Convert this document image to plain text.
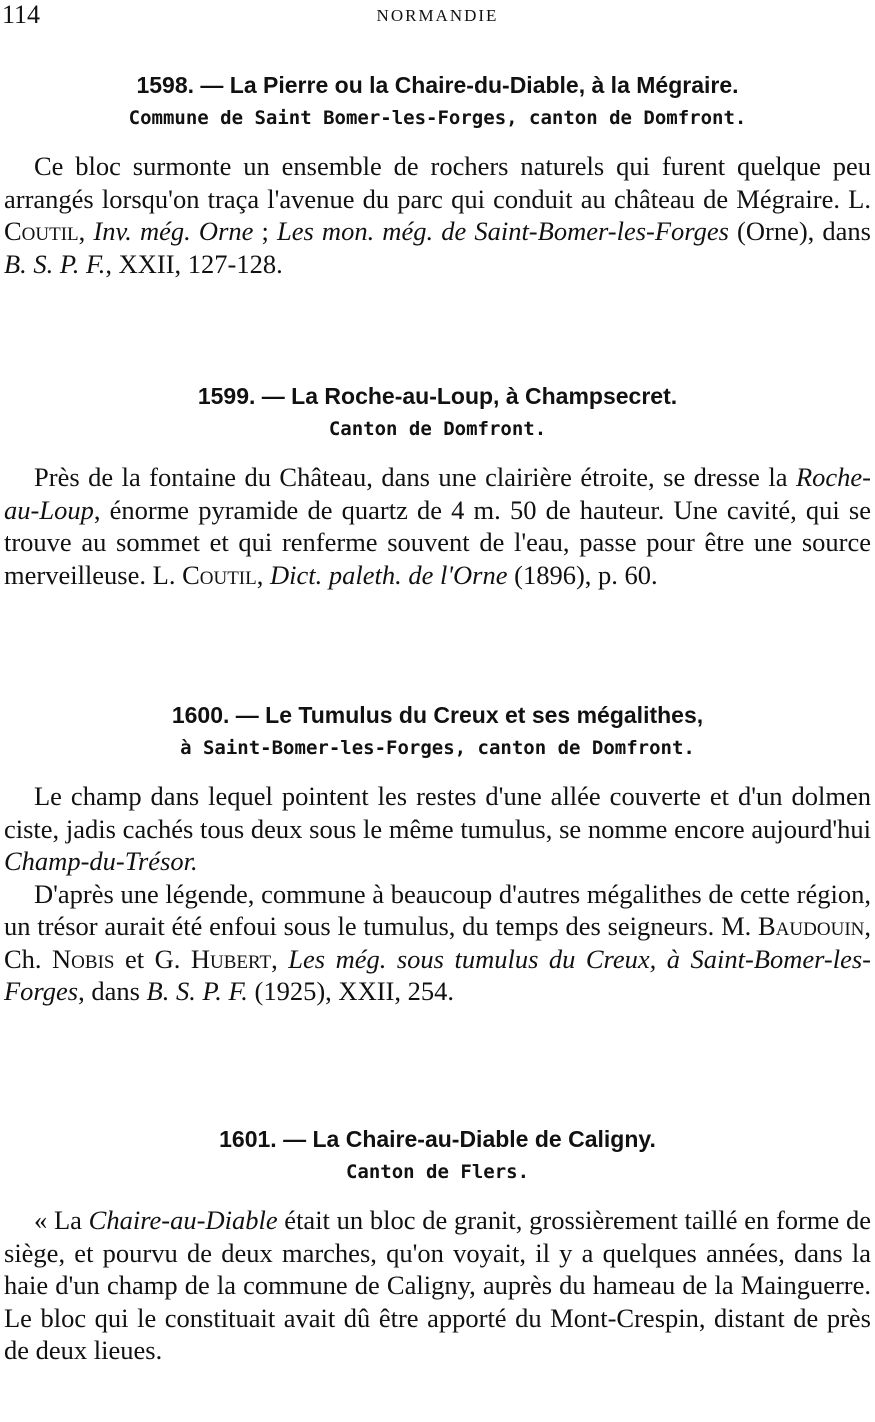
114	NORMANDIE
1598. — La Pierre ou la Chaire-du-Diable, à la Mégraire.
Commune de Saint Bomer-les-Forges, canton de Domfront.

Ce bloc surmonte un ensemble de rochers naturels qui furent quelque peu arrangés lorsqu'on traça l'avenue du parc qui conduit au château de Mégraire. L. Coutil, Inv. még. Orne ; Les mon. még. de Saint-Bomer-les-Forges (Orne), dans B. S. P. F., XXII, 127-128.

1599. — La Roche-au-Loup, à Champsecret.
Canton de Domfront.

Près de la fontaine du Château, dans une clairière étroite, se dresse la Roche-au-Loup, énorme pyramide de quartz de 4 m. 50 de hauteur. Une cavité, qui se trouve au sommet et qui renferme souvent de l'eau, passe pour être une source merveilleuse. L. Coutil, Dict. paleth. de l'Orne (1896), p. 60.

1600. — Le Tumulus du Creux et ses mégalithes,
à Saint-Bomer-les-Forges, canton de Domfront.

Le champ dans lequel pointent les restes d'une allée couverte et d'un dolmen ciste, jadis cachés tous deux sous le même tumulus, se nomme encore aujourd'hui Champ-du-Trésor.

D'après une légende, commune à beaucoup d'autres mégalithes de cette région, un trésor aurait été enfoui sous le tumulus, du temps des seigneurs. M. Baudouin, Ch. Nobis et G. Hubert, Les még. sous tumulus du Creux, à Saint-Bomer-les-Forges, dans B. S. P. F. (1925), XXII, 254.

1601. — La Chaire-au-Diable de Caligny.
Canton de Flers.

« La Chaire-au-Diable était un bloc de granit, grossièrement taillé en forme de siège, et pourvu de deux marches, qu'on voyait, il y a quelques années, dans la haie d'un champ de la commune de Caligny, auprès du hameau de la Mainguerre. Le bloc qui le constituait avait dû être apporté du Mont-Crespin, distant de près de deux lieues.
